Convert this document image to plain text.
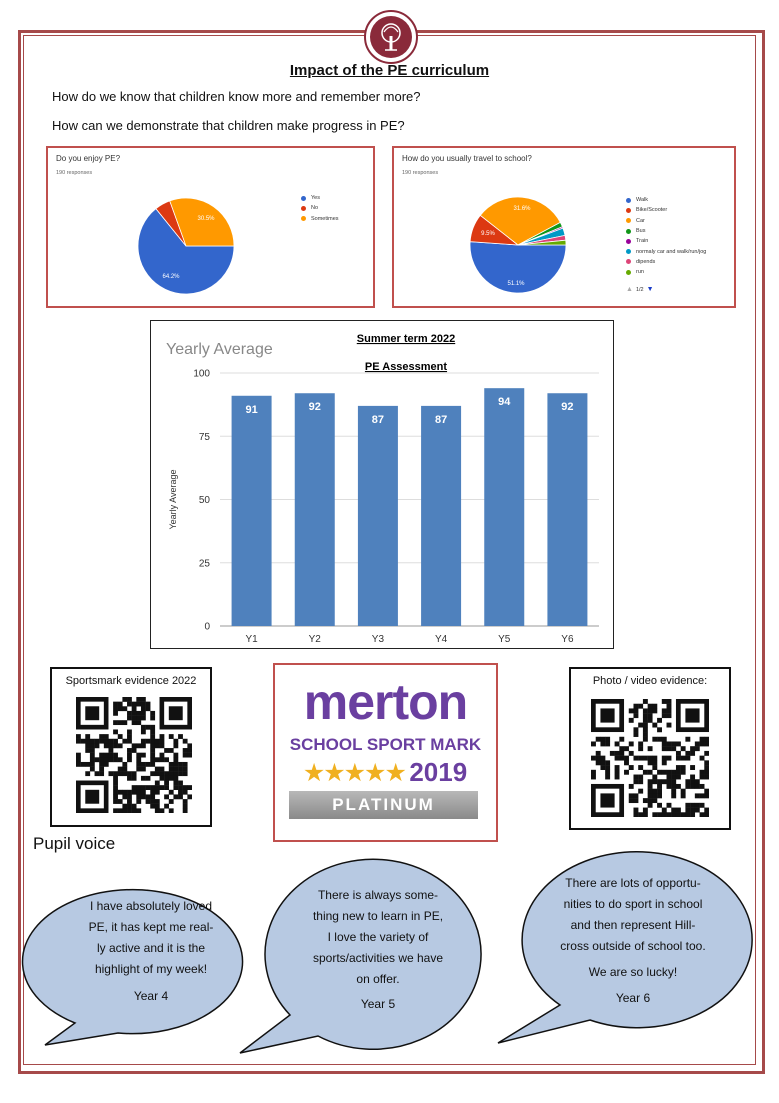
Impact of the PE curriculum
How do we know that children know more and remember more?
How can we demonstrate that children make progress in PE?
Do you enjoy PE?
190 responses
64.2%
30.5%
Yes
No
Sometimes
How do you usually travel to school?
190 responses
51.1%
31.6%
9.5%
Walk
Bike/Scooter
Car
Bus
Train
normaly car and walk/run/jog
dipends
run
▲ 1/2 ▼
Yearly Average
Summer term 2022
PE Assessment
0
25
50
75
100
Yearly Average
91
Y1
92
Y2
87
Y3
87
Y4
94
Y5
92
Y6
Sportsmark evidence 2022	merton
SCHOOL SPORT MARK
★★★★★ 2019
PLATINUM
Photo / video evidence:
Pupil voice
I have absolutely loved
PE, it has kept me real-
ly active and it is the
highlight of my week!
Year 4
There is always some-
thing new to learn in PE,
I love the variety of
sports/activities we have
on offer.
Year 5
There are lots of opportu-
nities to do sport in school
and then represent Hill-
cross outside of school too.
We are so lucky!
Year 6
